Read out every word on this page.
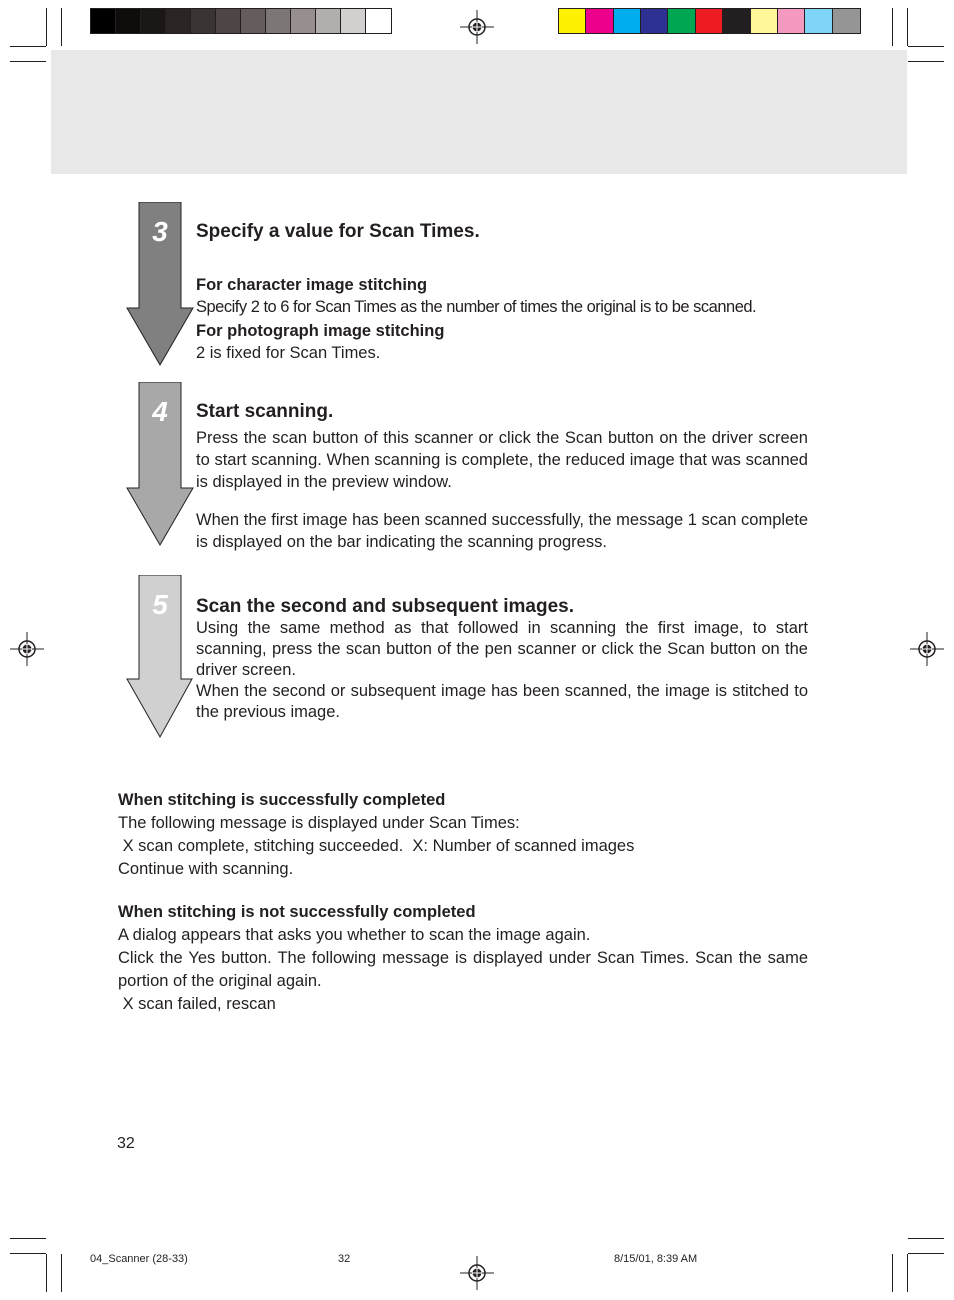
3	Specify a value for Scan Times.

For character image stitching

Specify 2 to 6 for Scan Times as the number of times the original is to be scanned.

For photograph image stitching

2 is fixed for Scan Times.

4	Start scanning.

Press the scan button of this scanner or click the Scan button on the driver screen to start scanning. When scanning is complete, the reduced image that was scanned is displayed in the preview window.

When the first image has been scanned successfully, the message 1 scan complete is displayed on the bar indicating the scanning progress.

5	Scan the second and subsequent images.

Using the same method as that followed in scanning the first image, to start scanning, press the scan button of the pen scanner or click the Scan button on the driver screen.

When the second or subsequent image has been scanned, the image is stitched to the previous image.

When stitching is successfully completed

The following message is displayed under Scan Times:

X scan complete, stitching succeeded.  X: Number of scanned images

Continue with scanning.

When stitching is not successfully completed

A dialog appears that asks you whether to scan the image again.

Click the Yes button. The following message is displayed under Scan Times. Scan the same portion of the original again.

X scan failed, rescan

32
04_Scanner (28-33)	32	8/15/01, 8:39 AM
